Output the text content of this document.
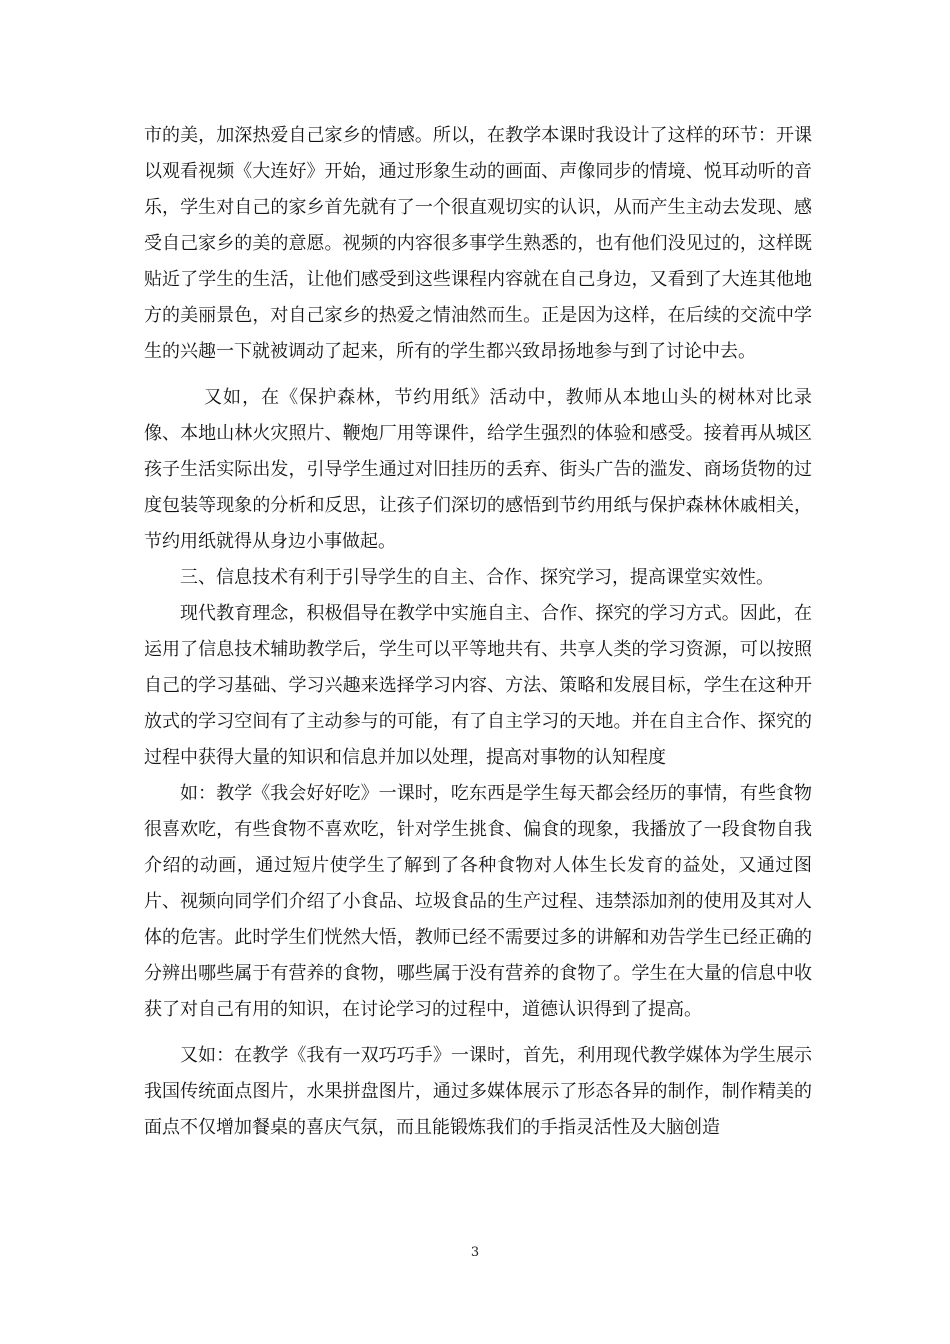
市的美，加深热爱自己家乡的情感。所以，在教学本课时我设计了这样的环节：开课以观看视频《大连好》开始，通过形象生动的画面、声像同步的情境、悦耳动听的音乐，学生对自己的家乡首先就有了一个很直观切实的认识，从而产生主动去发现、感受自己家乡的美的意愿。视频的内容很多事学生熟悉的，也有他们没见过的，这样既贴近了学生的生活，让他们感受到这些课程内容就在自己身边，又看到了大连其他地方的美丽景色，对自己家乡的热爱之情油然而生。正是因为这样，在后续的交流中学生的兴趣一下就被调动了起来，所有的学生都兴致昂扬地参与到了讨论中去。

又如，在《保护森林，节约用纸》活动中，教师从本地山头的树林对比录像、本地山林火灾照片、鞭炮厂用等课件，给学生强烈的体验和感受。接着再从城区孩子生活实际出发，引导学生通过对旧挂历的丢弃、街头广告的滥发、商场货物的过度包装等现象的分析和反思，让孩子们深切的感悟到节约用纸与保护森林休戚相关，节约用纸就得从身边小事做起。

三、信息技术有利于引导学生的自主、合作、探究学习，提高课堂实效性。

现代教育理念，积极倡导在教学中实施自主、合作、探究的学习方式。因此，在运用了信息技术辅助教学后，学生可以平等地共有、共享人类的学习资源，可以按照自己的学习基础、学习兴趣来选择学习内容、方法、策略和发展目标，学生在这种开放式的学习空间有了主动参与的可能，有了自主学习的天地。并在自主合作、探究的过程中获得大量的知识和信息并加以处理，提高对事物的认知程度

如：教学《我会好好吃》一课时，吃东西是学生每天都会经历的事情，有些食物很喜欢吃，有些食物不喜欢吃，针对学生挑食、偏食的现象，我播放了一段食物自我介绍的动画，通过短片使学生了解到了各种食物对人体生长发育的益处，又通过图片、视频向同学们介绍了小食品、垃圾食品的生产过程、违禁添加剂的使用及其对人体的危害。此时学生们恍然大悟，教师已经不需要过多的讲解和劝告学生已经正确的分辨出哪些属于有营养的食物，哪些属于没有营养的食物了。学生在大量的信息中收获了对自己有用的知识，在讨论学习的过程中，道德认识得到了提高。

又如：在教学《我有一双巧巧手》一课时，首先，利用现代教学媒体为学生展示我国传统面点图片，水果拼盘图片，通过多媒体展示了形态各异的制作，制作精美的面点不仅增加餐桌的喜庆气氛，而且能锻炼我们的手指灵活性及大脑创造

3
